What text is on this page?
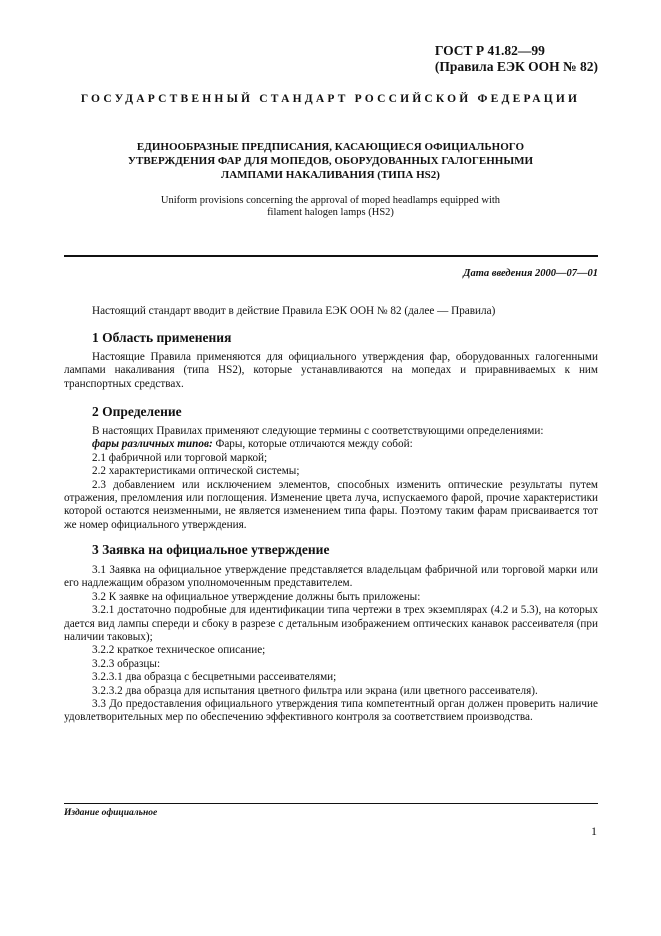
ГОСТ Р 41.82—99
(Правила ЕЭК ООН № 82)
ГОСУДАРСТВЕННЫЙ СТАНДАРТ РОССИЙСКОЙ ФЕДЕРАЦИИ
ЕДИНООБРАЗНЫЕ ПРЕДПИСАНИЯ, КАСАЮЩИЕСЯ ОФИЦИАЛЬНОГО
УТВЕРЖДЕНИЯ ФАР ДЛЯ МОПЕДОВ, ОБОРУДОВАННЫХ ГАЛОГЕННЫМИ
ЛАМПАМИ НАКАЛИВАНИЯ (ТИПА HS2)
Uniform provisions concerning the approval of moped headlamps equipped with
filament halogen lamps (HS2)
Дата введения 2000—07—01

Настоящий стандарт вводит в действие Правила ЕЭК ООН № 82 (далее — Правила)

1 Область применения

Настоящие Правила применяются для официального утверждения фар, оборудованных галогенными лампами накаливания (типа HS2), которые устанавливаются на мопедах и приравниваемых к ним транспортных средствах.

2 Определение

В настоящих Правилах применяют следующие термины с соответствующими определениями:

фары различных типов: Фары, которые отличаются между собой:

2.1 фабричной или торговой маркой;

2.2 характеристиками оптической системы;

2.3 добавлением или исключением элементов, способных изменить оптические результаты путем отражения, преломления или поглощения. Изменение цвета луча, испускаемого фарой, прочие характеристики которой остаются неизменными, не является изменением типа фары. Поэтому таким фарам присваивается тот же номер официального утверждения.

3 Заявка на официальное утверждение

3.1 Заявка на официальное утверждение представляется владельцам фабричной или торговой марки или его надлежащим образом уполномоченным представителем.

3.2 К заявке на официальное утверждение должны быть приложены:

3.2.1 достаточно подробные для идентификации типа чертежи в трех экземплярах (4.2 и 5.3), на которых дается вид лампы спереди и сбоку в разрезе с детальным изображением оптических канавок рассеивателя (при наличии таковых);

3.2.2 краткое техническое описание;

3.2.3 образцы:

3.2.3.1 два образца с бесцветными рассеивателями;

3.2.3.2 два образца для испытания цветного фильтра или экрана (или цветного рассеивателя).

3.3 До предоставления официального утверждения типа компетентный орган должен проверить наличие удовлетворительных мер по обеспечению эффективного контроля за соответствием производства.

Издание официальное
1
